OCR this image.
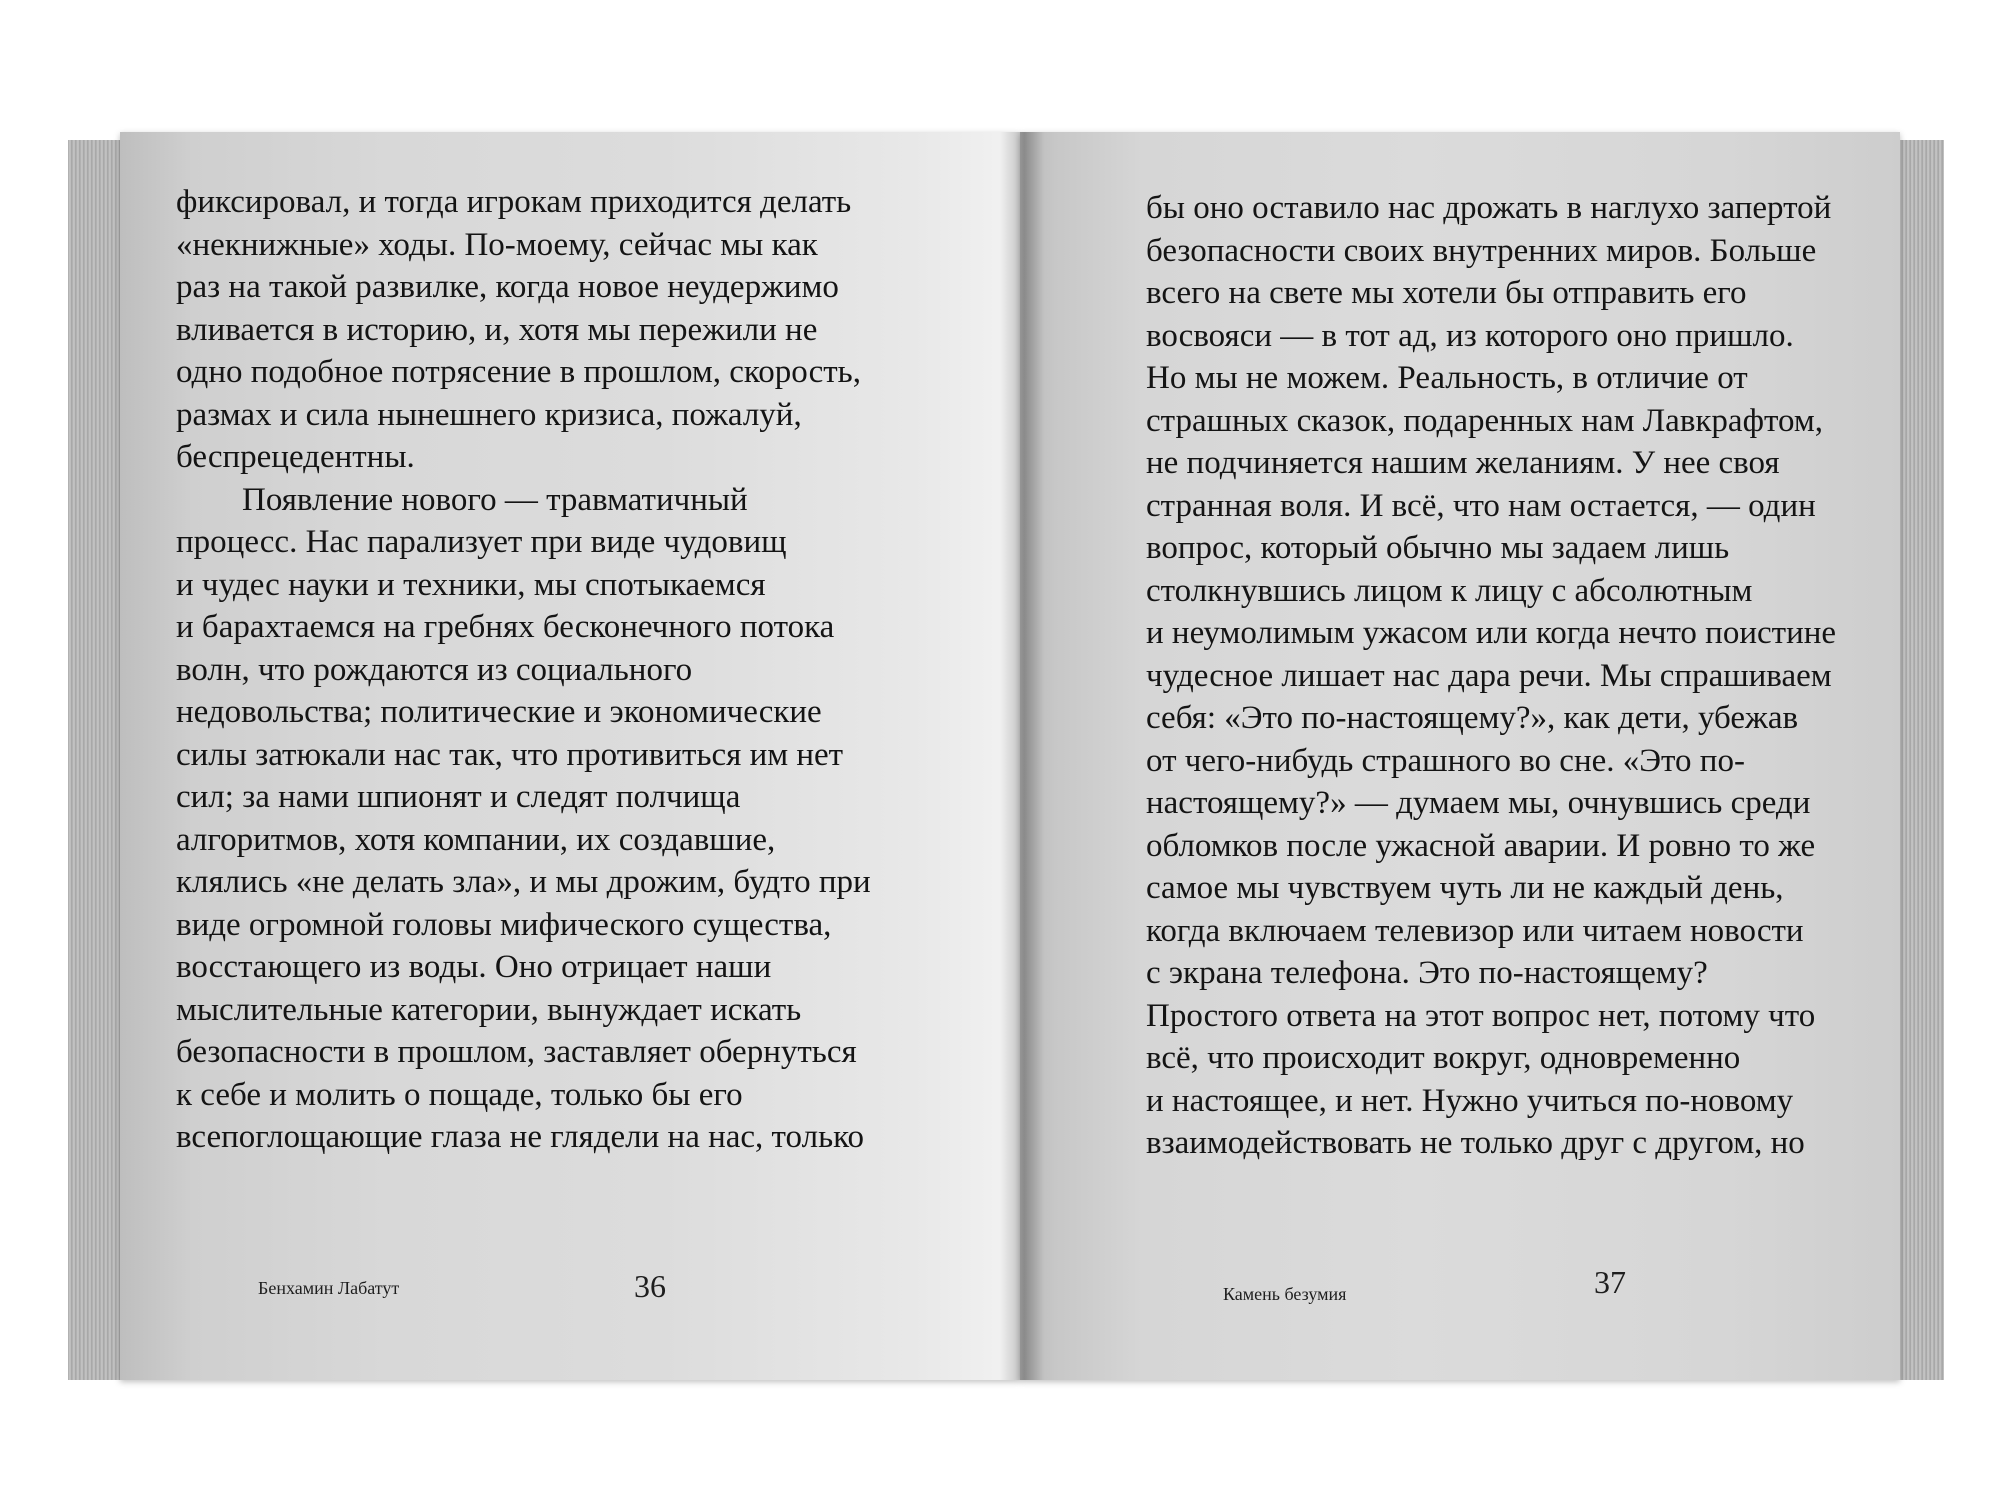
фиксировал, и тогда игрокам приходится делать
«некнижные» ходы. По-моему, сейчас мы как
раз на такой развилке, когда новое неудержимо
вливается в историю, и, хотя мы пережили не
одно подобное потрясение в прошлом, скорость,
размах и сила нынешнего кризиса, пожалуй,
беспрецедентны.
Появление нового — травматичный
процесс. Нас парализует при виде чудовищ
и чудес науки и техники, мы спотыкаемся
и барахтаемся на гребнях бесконечного потока
волн, что рождаются из социального
недовольства; политические и экономические
силы затюкали нас так, что противиться им нет
сил; за нами шпионят и следят полчища
алгоритмов, хотя компании, их создавшие,
клялись «не делать зла», и мы дрожим, будто при
виде огромной головы мифического существа,
восстающего из воды. Оно отрицает наши
мыслительные категории, вынуждает искать
безопасности в прошлом, заставляет обернуться
к себе и молить о пощаде, только бы его
всепоглощающие глаза не глядели на нас, только
бы оно оставило нас дрожать в наглухо запертой
безопасности своих внутренних миров. Больше
всего на свете мы хотели бы отправить его
восвояси — в тот ад, из которого оно пришло.
Но мы не можем. Реальность, в отличие от
страшных сказок, подаренных нам Лавкрафтом,
не подчиняется нашим желаниям. У нее своя
странная воля. И всё, что нам остается, — один
вопрос, который обычно мы задаем лишь
столкнувшись лицом к лицу с абсолютным
и неумолимым ужасом или когда нечто поистине
чудесное лишает нас дара речи. Мы спрашиваем
себя: «Это по-настоящему?», как дети, убежав
от чего-нибудь страшного во сне. «Это по-
настоящему?» — думаем мы, очнувшись среди
обломков после ужасной аварии. И ровно то же
самое мы чувствуем чуть ли не каждый день,
когда включаем телевизор или читаем новости
с экрана телефона. Это по-настоящему?
Простого ответа на этот вопрос нет, потому что
всё, что происходит вокруг, одновременно
и настоящее, и нет. Нужно учиться по-новому
взаимодействовать не только друг с другом, но
Бенхамин Лабатут	36	Камень безумия	37
